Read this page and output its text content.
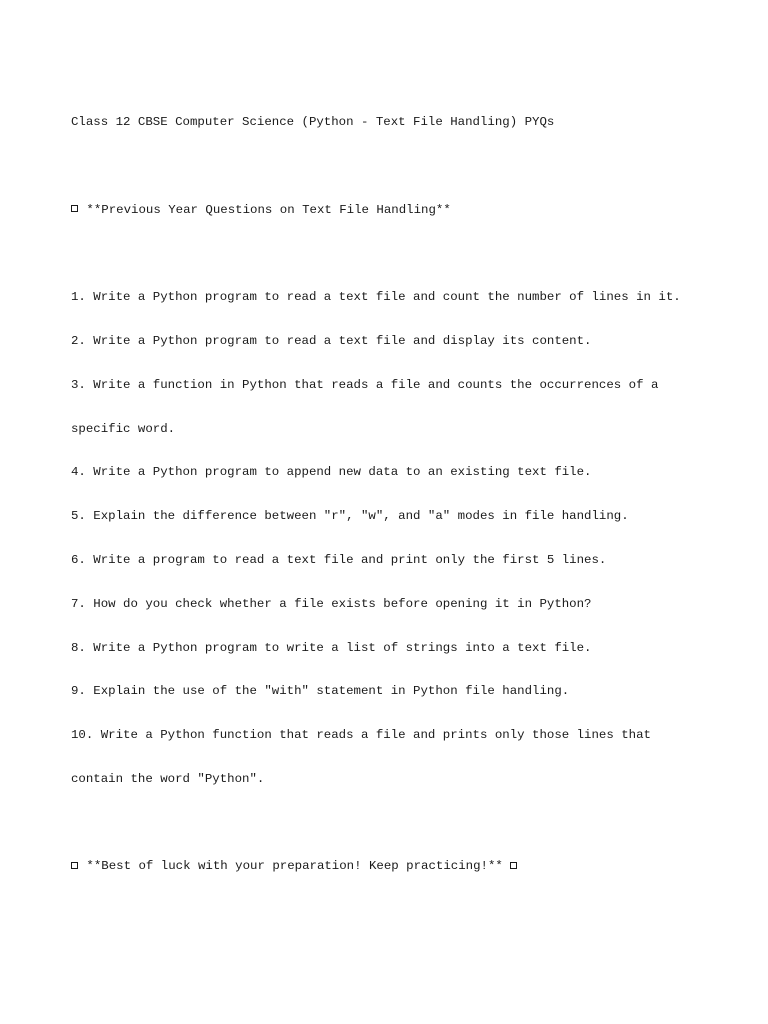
Class 12 CBSE Computer Science (Python - Text File Handling) PYQs

**Previous Year Questions on Text File Handling**

1. Write a Python program to read a text file and count the number of lines in it.

2. Write a Python program to read a text file and display its content.

3. Write a function in Python that reads a file and counts the occurrences of a

specific word.

4. Write a Python program to append new data to an existing text file.

5. Explain the difference between "r", "w", and "a" modes in file handling.

6. Write a program to read a text file and print only the first 5 lines.

7. How do you check whether a file exists before opening it in Python?

8. Write a Python program to write a list of strings into a text file.

9. Explain the use of the "with" statement in Python file handling.

10. Write a Python function that reads a file and prints only those lines that

contain the word "Python".

**Best of luck with your preparation! Keep practicing!**
